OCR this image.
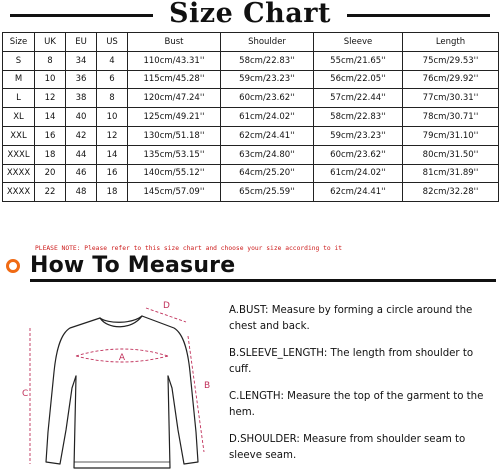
Size Chart
Size	UK	EU	US	Bust	Shoulder	Sleeve	Length
S	8	34	4	110cm/43.31''	58cm/22.83''	55cm/21.65''	75cm/29.53''
M	10	36	6	115cm/45.28''	59cm/23.23''	56cm/22.05''	76cm/29.92''
L	12	38	8	120cm/47.24''	60cm/23.62''	57cm/22.44''	77cm/30.31''
XL	14	40	10	125cm/49.21''	61cm/24.02''	58cm/22.83''	78cm/30.71''
XXL	16	42	12	130cm/51.18''	62cm/24.41''	59cm/23.23''	79cm/31.10''
XXXL	18	44	14	135cm/53.15''	63cm/24.80''	60cm/23.62''	80cm/31.50''
XXXX	20	46	16	140cm/55.12''	64cm/25.20''	61cm/24.02''	81cm/31.89''
XXXX	22	48	18	145cm/57.09''	65cm/25.59''	62cm/24.41''	82cm/32.28''
PLEASE NOTE: Please refer to this size chart and choose your size according to it
How To Measure
A
B
C
D	A.BUST: Measure by forming a circle around the chest and back.

B.SLEEVE_LENGTH: The length from shoulder to cuff.

C.LENGTH: Measure the top of the garment to the hem.

D.SHOULDER: Measure from shoulder seam to sleeve seam.
